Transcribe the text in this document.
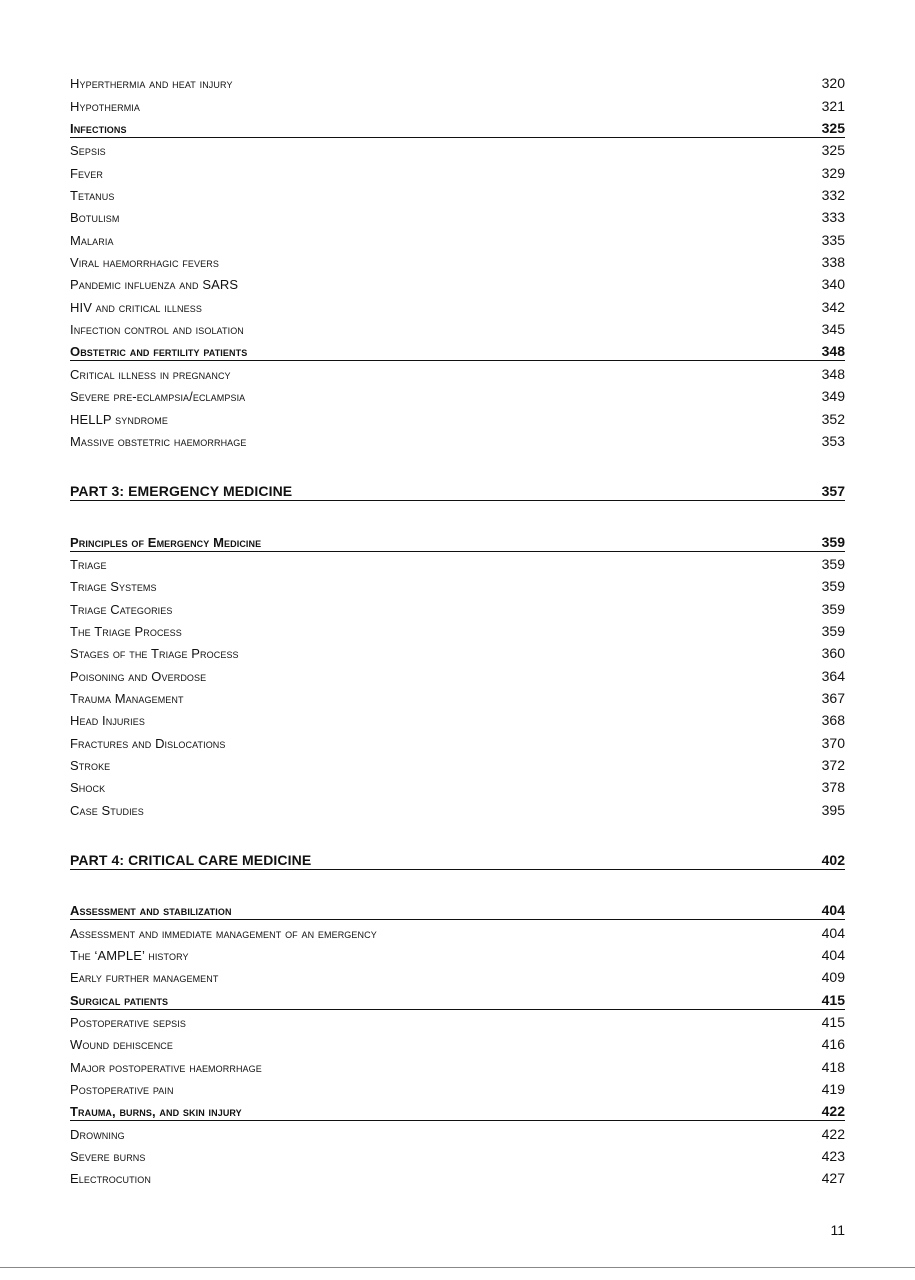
Hyperthermia and heat injury	320
Hypothermia	321
Infections	325
Sepsis	325
Fever	329
Tetanus	332
Botulism	333
Malaria	335
Viral haemorrhagic fevers	338
Pandemic influenza and SARS	340
HIV and critical illness	342
Infection control and isolation	345
Obstetric and fertility patients	348
Critical illness in pregnancy	348
Severe pre-eclampsia/eclampsia	349
HELLP syndrome	352
Massive obstetric haemorrhage	353
PART 3: EMERGENCY MEDICINE	357
Principles of Emergency Medicine	359
Triage	359
Triage Systems	359
Triage Categories	359
The Triage Process	359
Stages of the Triage Process	360
Poisoning and Overdose	364
Trauma Management	367
Head Injuries	368
Fractures and Dislocations	370
Stroke	372
Shock	378
Case Studies	395
PART 4: CRITICAL CARE MEDICINE	402
Assessment and stabilization	404
Assessment and immediate management of an emergency	404
The ‘AMPLE’ history	404
Early further management	409
Surgical patients	415
Postoperative sepsis	415
Wound dehiscence	416
Major postoperative haemorrhage	418
Postoperative pain	419
Trauma, burns, and skin injury	422
Drowning	422
Severe burns	423
Electrocution	427
11
